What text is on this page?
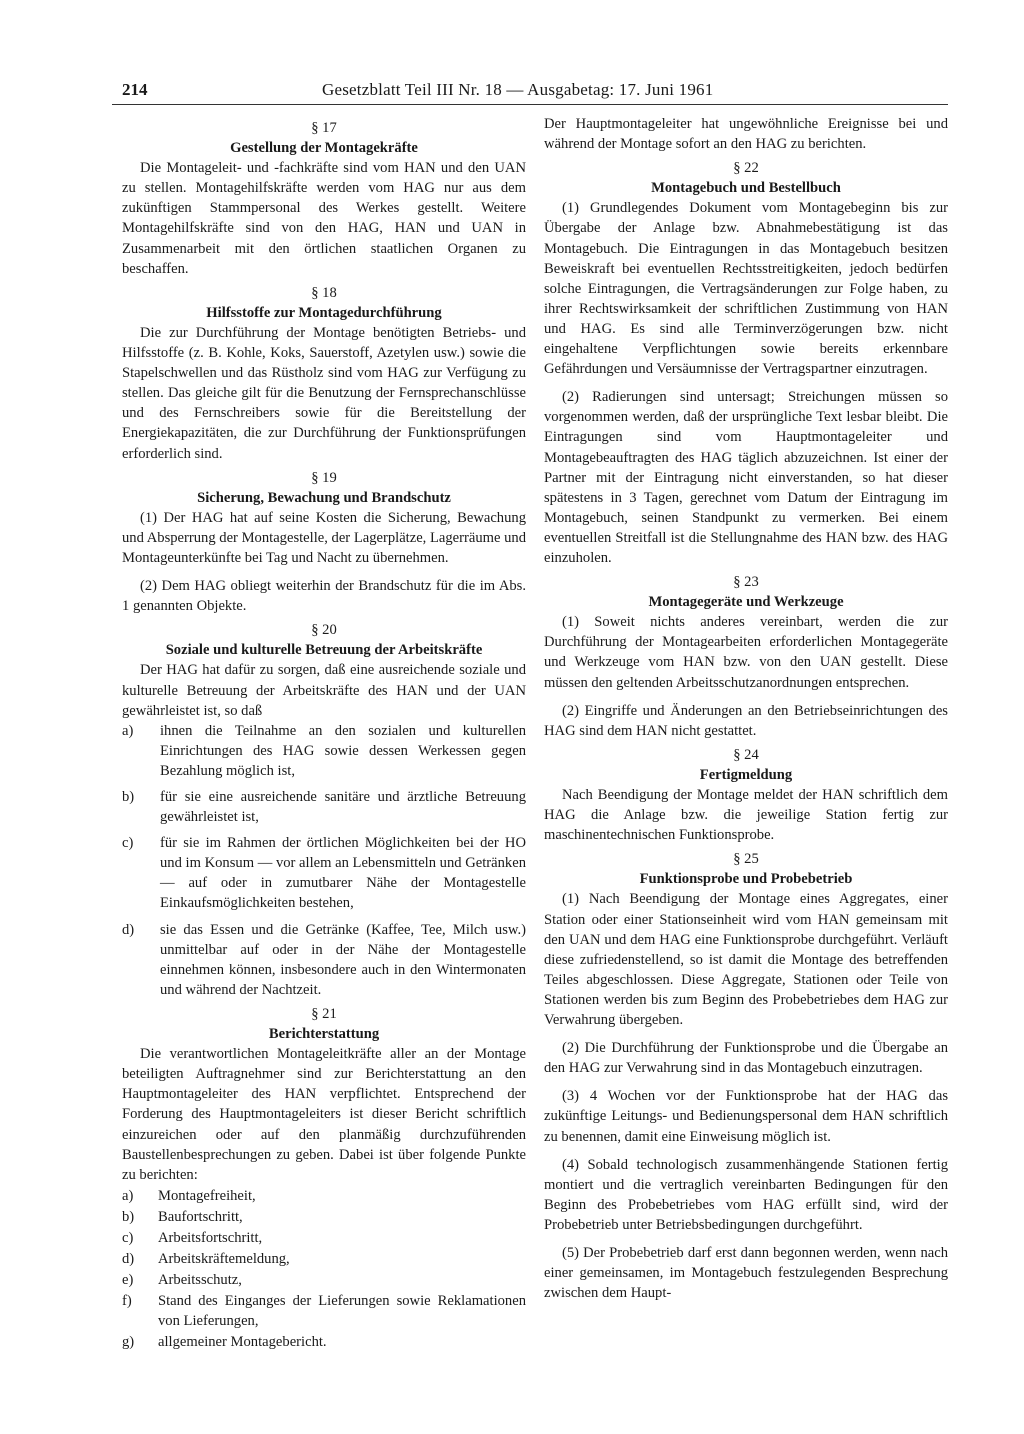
214	Gesetzblatt Teil III Nr. 18 — Ausgabetag: 17. Juni 1961
§ 17
Gestellung der Montagekräfte

Die Montageleit- und -fachkräfte sind vom HAN und den UAN zu stellen. Montagehilfskräfte werden vom HAG nur aus dem zukünftigen Stammpersonal des Werkes gestellt. Weitere Montagehilfskräfte sind von den HAG, HAN und UAN in Zusammenarbeit mit den örtlichen staatlichen Organen zu beschaffen.

§ 18
Hilfsstoffe zur Montagedurchführung

Die zur Durchführung der Montage benötigten Betriebs- und Hilfsstoffe (z. B. Kohle, Koks, Sauerstoff, Azetylen usw.) sowie die Stapelschwellen und das Rüstholz sind vom HAG zur Verfügung zu stellen. Das gleiche gilt für die Benutzung der Fernsprechanschlüsse und des Fernschreibers sowie für die Bereitstellung der Energiekapazitäten, die zur Durchführung der Funktionsprüfungen erforderlich sind.

§ 19
Sicherung, Bewachung und Brandschutz

(1) Der HAG hat auf seine Kosten die Sicherung, Bewachung und Absperrung der Montagestelle, der Lagerplätze, Lagerräume und Montageunterkünfte bei Tag und Nacht zu übernehmen.

(2) Dem HAG obliegt weiterhin der Brandschutz für die im Abs. 1 genannten Objekte.

§ 20
Soziale und kulturelle Betreuung der Arbeitskräfte

Der HAG hat dafür zu sorgen, daß eine ausreichende soziale und kulturelle Betreuung der Arbeitskräfte des HAN und der UAN gewährleistet ist, so daß

a) ihnen die Teilnahme an den sozialen und kulturellen Einrichtungen des HAG sowie dessen Werkessen gegen Bezahlung möglich ist,
b) für sie eine ausreichende sanitäre und ärztliche Betreuung gewährleistet ist,
c) für sie im Rahmen der örtlichen Möglichkeiten bei der HO und im Konsum — vor allem an Lebensmitteln und Getränken — auf oder in zumutbarer Nähe der Montagestelle Einkaufsmöglichkeiten bestehen,
d) sie das Essen und die Getränke (Kaffee, Tee, Milch usw.) unmittelbar auf oder in der Nähe der Montagestelle einnehmen können, insbesondere auch in den Wintermonaten und während der Nachtzeit.
§ 21
Berichterstattung

Die verantwortlichen Montageleitkräfte aller an der Montage beteiligten Auftragnehmer sind zur Berichterstattung an den Hauptmontageleiter des HAN verpflichtet. Entsprechend der Forderung des Hauptmontageleiters ist dieser Bericht schriftlich einzureichen oder auf den planmäßig durchzuführenden Baustellenbesprechungen zu geben. Dabei ist über folgende Punkte zu berichten:

a) Montagefreiheit,
b) Baufortschritt,
c) Arbeitsfortschritt,
d) Arbeitskräftemeldung,
e) Arbeitsschutz,
f) Stand des Einganges der Lieferungen sowie Reklamationen von Lieferungen,
g) allgemeiner Montagebericht.

Der Hauptmontageleiter hat ungewöhnliche Ereignisse bei und während der Montage sofort an den HAG zu berichten.

§ 22
Montagebuch und Bestellbuch

(1) Grundlegendes Dokument vom Montagebeginn bis zur Übergabe der Anlage bzw. Abnahmebestätigung ist das Montagebuch. Die Eintragungen in das Montagebuch besitzen Beweiskraft bei eventuellen Rechtsstreitigkeiten, jedoch bedürfen solche Eintragungen, die Vertragsänderungen zur Folge haben, zu ihrer Rechtswirksamkeit der schriftlichen Zustimmung von HAN und HAG. Es sind alle Terminverzögerungen bzw. nicht eingehaltene Verpflichtungen sowie bereits erkennbare Gefährdungen und Versäumnisse der Vertragspartner einzutragen.

(2) Radierungen sind untersagt; Streichungen müssen so vorgenommen werden, daß der ursprüngliche Text lesbar bleibt. Die Eintragungen sind vom Hauptmontageleiter und Montagebeauftragten des HAG täglich abzuzeichnen. Ist einer der Partner mit der Eintragung nicht einverstanden, so hat dieser spätestens in 3 Tagen, gerechnet vom Datum der Eintragung im Montagebuch, seinen Standpunkt zu vermerken. Bei einem eventuellen Streitfall ist die Stellungnahme des HAN bzw. des HAG einzuholen.

§ 23
Montagegeräte und Werkzeuge

(1) Soweit nichts anderes vereinbart, werden die zur Durchführung der Montagearbeiten erforderlichen Montagegeräte und Werkzeuge vom HAN bzw. von den UAN gestellt. Diese müssen den geltenden Arbeitsschutzanordnungen entsprechen.

(2) Eingriffe und Änderungen an den Betriebseinrichtungen des HAG sind dem HAN nicht gestattet.

§ 24
Fertigmeldung

Nach Beendigung der Montage meldet der HAN schriftlich dem HAG die Anlage bzw. die jeweilige Station fertig zur maschinentechnischen Funktionsprobe.

§ 25
Funktionsprobe und Probebetrieb

(1) Nach Beendigung der Montage eines Aggregates, einer Station oder einer Stationseinheit wird vom HAN gemeinsam mit den UAN und dem HAG eine Funktionsprobe durchgeführt. Verläuft diese zufriedenstellend, so ist damit die Montage des betreffenden Teiles abgeschlossen. Diese Aggregate, Stationen oder Teile von Stationen werden bis zum Beginn des Probebetriebes dem HAG zur Verwahrung übergeben.

(2) Die Durchführung der Funktionsprobe und die Übergabe an den HAG zur Verwahrung sind in das Montagebuch einzutragen.

(3) 4 Wochen vor der Funktionsprobe hat der HAG das zukünftige Leitungs- und Bedienungspersonal dem HAN schriftlich zu benennen, damit eine Einweisung möglich ist.

(4) Sobald technologisch zusammenhängende Stationen fertig montiert und die vertraglich vereinbarten Bedingungen für den Beginn des Probebetriebes vom HAG erfüllt sind, wird der Probebetrieb unter Betriebsbedingungen durchgeführt.

(5) Der Probebetrieb darf erst dann begonnen werden, wenn nach einer gemeinsamen, im Montagebuch festzulegenden Besprechung zwischen dem Haupt-
